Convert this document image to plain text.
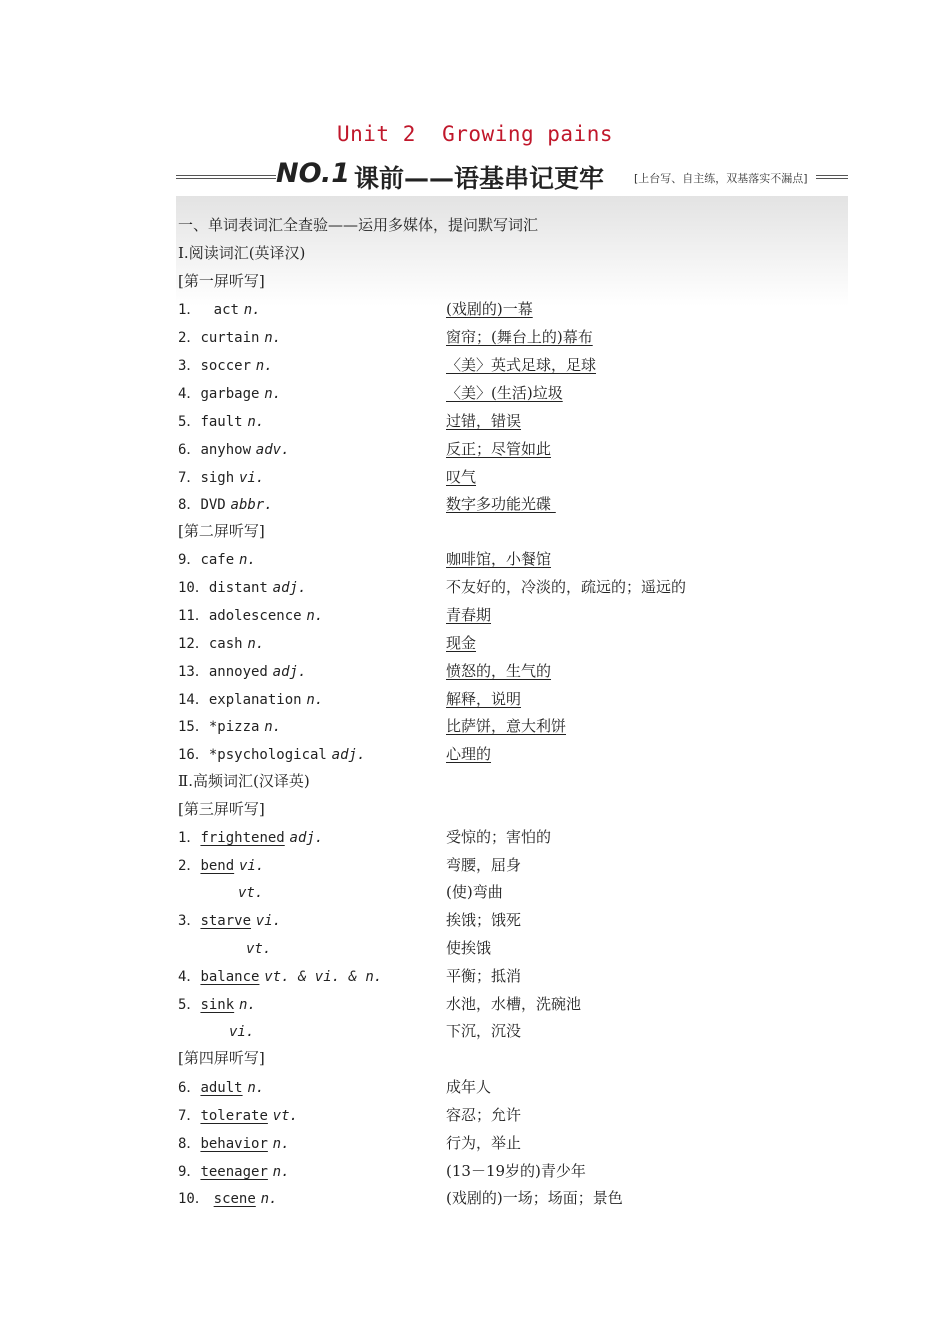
Unit 2  Growing pains
NO.1 课前——语基串记更牢	[上台写、自主练，双基落实不漏点]
一、单词表词汇全查验——运用多媒体，提问默写词汇
Ⅰ.阅读词汇(英译汉)
[第一屏听写]
1．  act n.	(戏剧的)一幕
2．curtain n.	窗帘；(舞台上的)幕布
3．soccer n.	〈美〉英式足球，足球
4．garbage n.	〈美〉(生活)垃圾
5．fault n.	过错，错误
6．anyhow adv.	反正；尽管如此
7．sigh vi.	叹气
8．DVD abbr.	数字多功能光碟
[第二屏听写]
9．cafe n.	咖啡馆，小餐馆
10．distant adj.	不友好的，冷淡的，疏远的；遥远的
11．adolescence n.	青春期
12．cash n.	现金
13．annoyed adj.	愤怒的，生气的
14．explanation n.	解释，说明
15．*pizza n.	比萨饼，意大利饼
16．*psychological adj.	心理的
Ⅱ.高频词汇(汉译英)
[第三屏听写]
1．frightened adj.	受惊的；害怕的
2．bend vi.	弯腰，屈身
vt.	(使)弯曲
3．starve vi.	挨饿；饿死
vt.	使挨饿
4．balance vt. & vi. & n.	平衡；抵消
5．sink n.	水池，水槽，洗碗池
vi.	下沉，沉没
[第四屏听写]
6．adult n.	成年人
7．tolerate vt.	容忍；允许
8．behavior n.	行为，举止
9．teenager n.	(13－19岁的)青少年
10． scene n.	(戏剧的)一场；场面；景色
